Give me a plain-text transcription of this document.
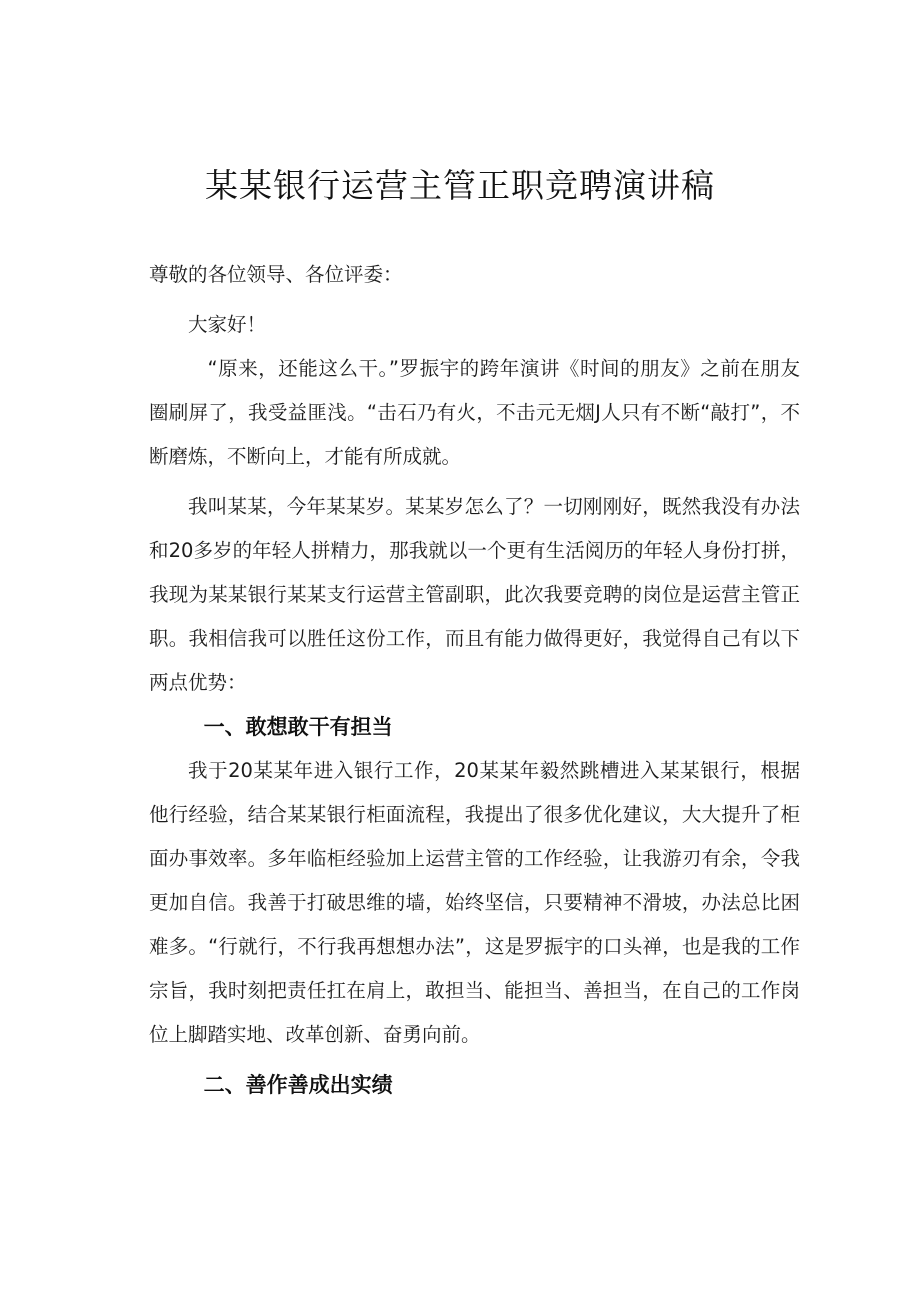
某某银行运营主管正职竞聘演讲稿

尊敬的各位领导、各位评委：

大家好！

“原来，还能这么干。”罗振宇的跨年演讲《时间的朋友》之前在朋友圈刷屏了，我受益匪浅。“击石乃有火，不击元无烟J人只有不断“敲打”，不断磨炼，不断向上，才能有所成就。

我叫某某，今年某某岁。某某岁怎么了？一切刚刚好，既然我没有办法和20多岁的年轻人拼精力，那我就以一个更有生活阅历的年轻人身份打拼，我现为某某银行某某支行运营主管副职，此次我要竞聘的岗位是运营主管正职。我相信我可以胜任这份工作，而且有能力做得更好，我觉得自己有以下两点优势：

一、敢想敢干有担当

我于20某某年进入银行工作，20某某年毅然跳槽进入某某银行，根据他行经验，结合某某银行柜面流程，我提出了很多优化建议，大大提升了柜面办事效率。多年临柜经验加上运营主管的工作经验，让我游刃有余，令我更加自信。我善于打破思维的墙，始终坚信，只要精神不滑坡，办法总比困难多。“行就行，不行我再想想办法”，这是罗振宇的口头禅，也是我的工作宗旨，我时刻把责任扛在肩上，敢担当、能担当、善担当，在自己的工作岗位上脚踏实地、改革创新、奋勇向前。

二、善作善成出实绩
